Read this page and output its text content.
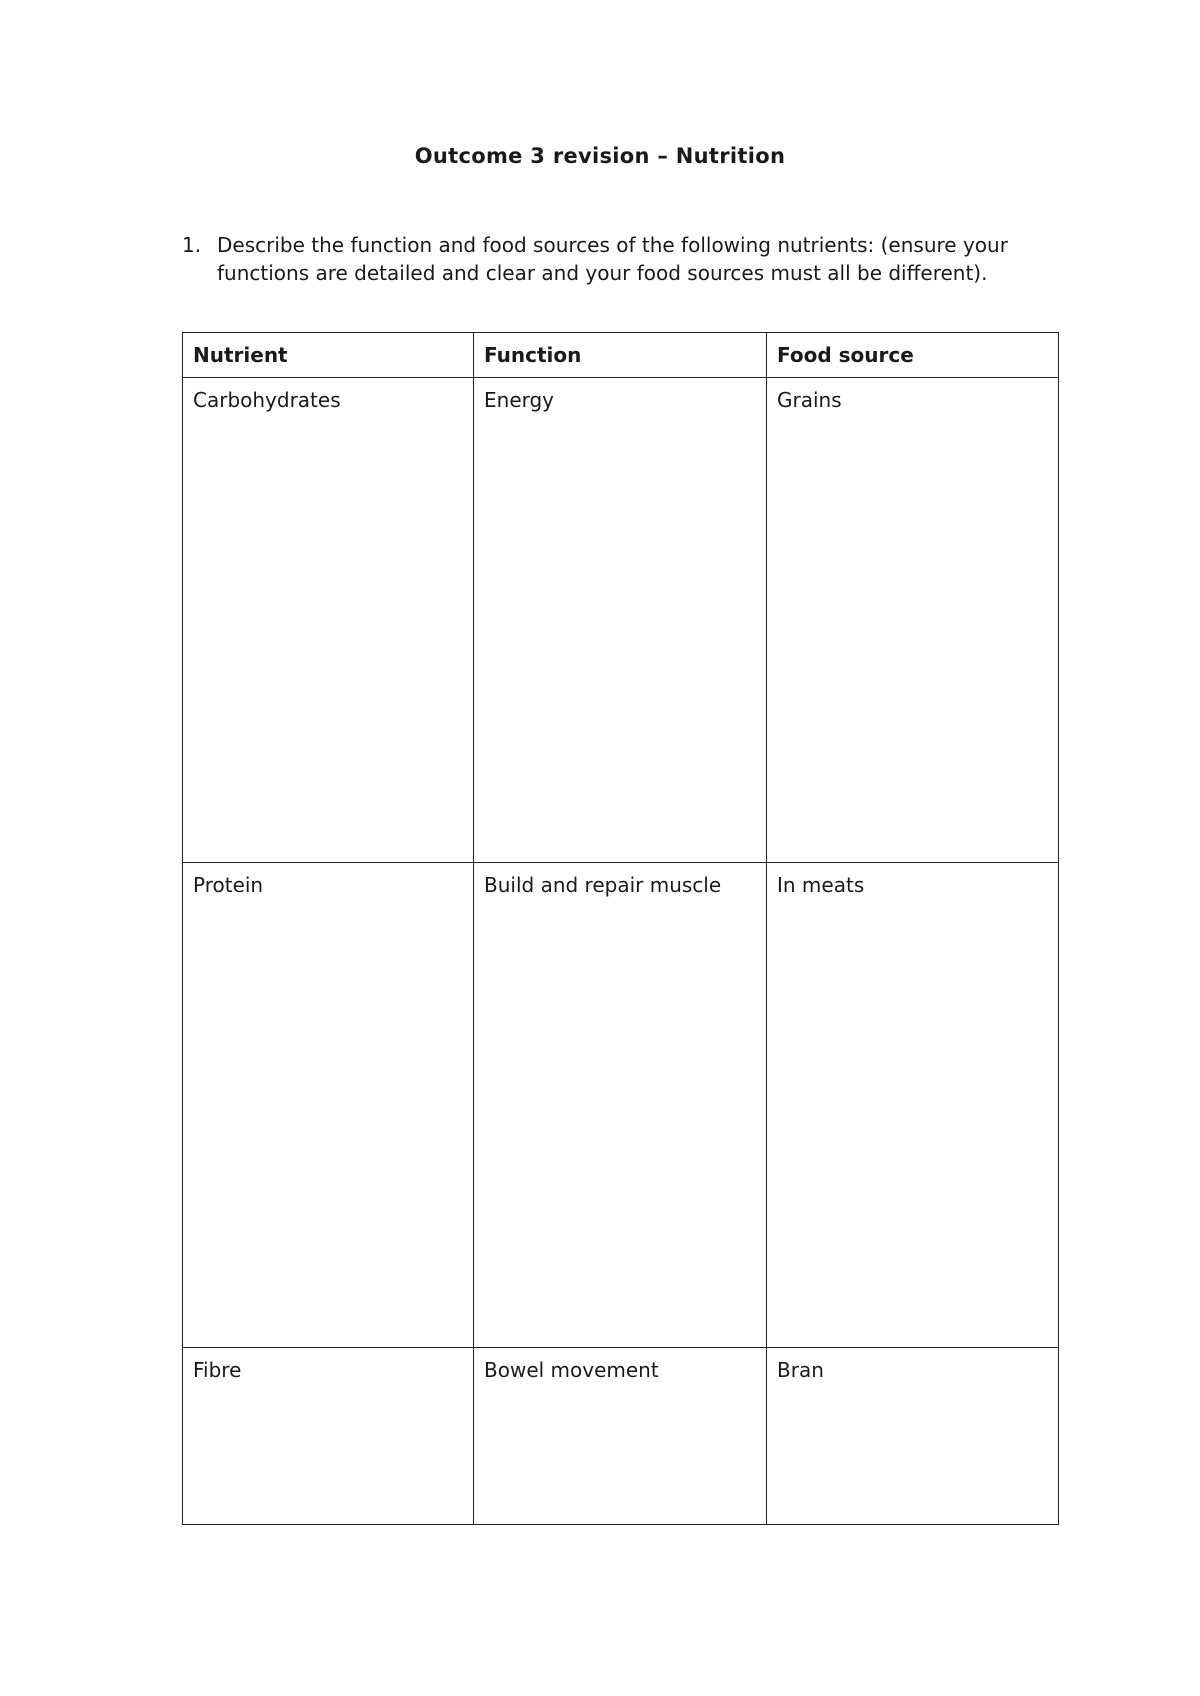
Outcome 3 revision – Nutrition
1. Describe the function and food sources of the following nutrients: (ensure your functions are detailed and clear and your food sources must all be different).
Nutrient	Function	Food source
Carbohydrates	Energy	Grains
Protein	Build and repair muscle	In meats
Fibre	Bowel movement	Bran
